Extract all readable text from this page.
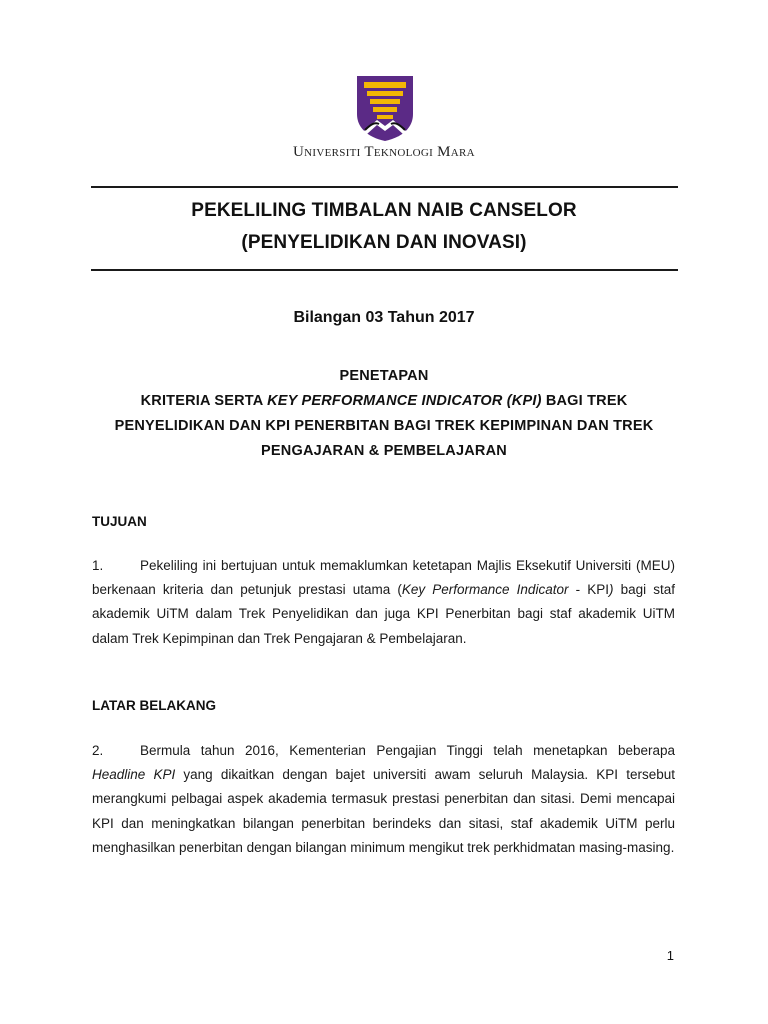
Universiti Teknologi Mara
PEKELILING TIMBALAN NAIB CANSELOR
(PENYELIDIKAN DAN INOVASI)
Bilangan 03 Tahun 2017
PENETAPAN
KRITERIA SERTA KEY PERFORMANCE INDICATOR (KPI) BAGI TREK
PENYELIDIKAN DAN KPI PENERBITAN BAGI TREK KEPIMPINAN DAN TREK
PENGAJARAN & PEMBELAJARAN
TUJUAN
1.	Pekeliling ini bertujuan untuk memaklumkan ketetapan Majlis Eksekutif Universiti (MEU) berkenaan kriteria dan petunjuk prestasi utama (Key Performance Indicator - KPI) bagi staf akademik UiTM dalam Trek Penyelidikan dan juga KPI Penerbitan bagi staf akademik UiTM dalam Trek Kepimpinan dan Trek Pengajaran & Pembelajaran.
LATAR BELAKANG
2.	Bermula tahun 2016, Kementerian Pengajian Tinggi telah menetapkan beberapa Headline KPI yang dikaitkan dengan bajet universiti awam seluruh Malaysia. KPI tersebut merangkumi pelbagai aspek akademia termasuk prestasi penerbitan dan sitasi. Demi mencapai KPI dan meningkatkan bilangan penerbitan berindeks dan sitasi, staf akademik UiTM perlu menghasilkan penerbitan dengan bilangan minimum mengikut trek perkhidmatan masing-masing.
1
